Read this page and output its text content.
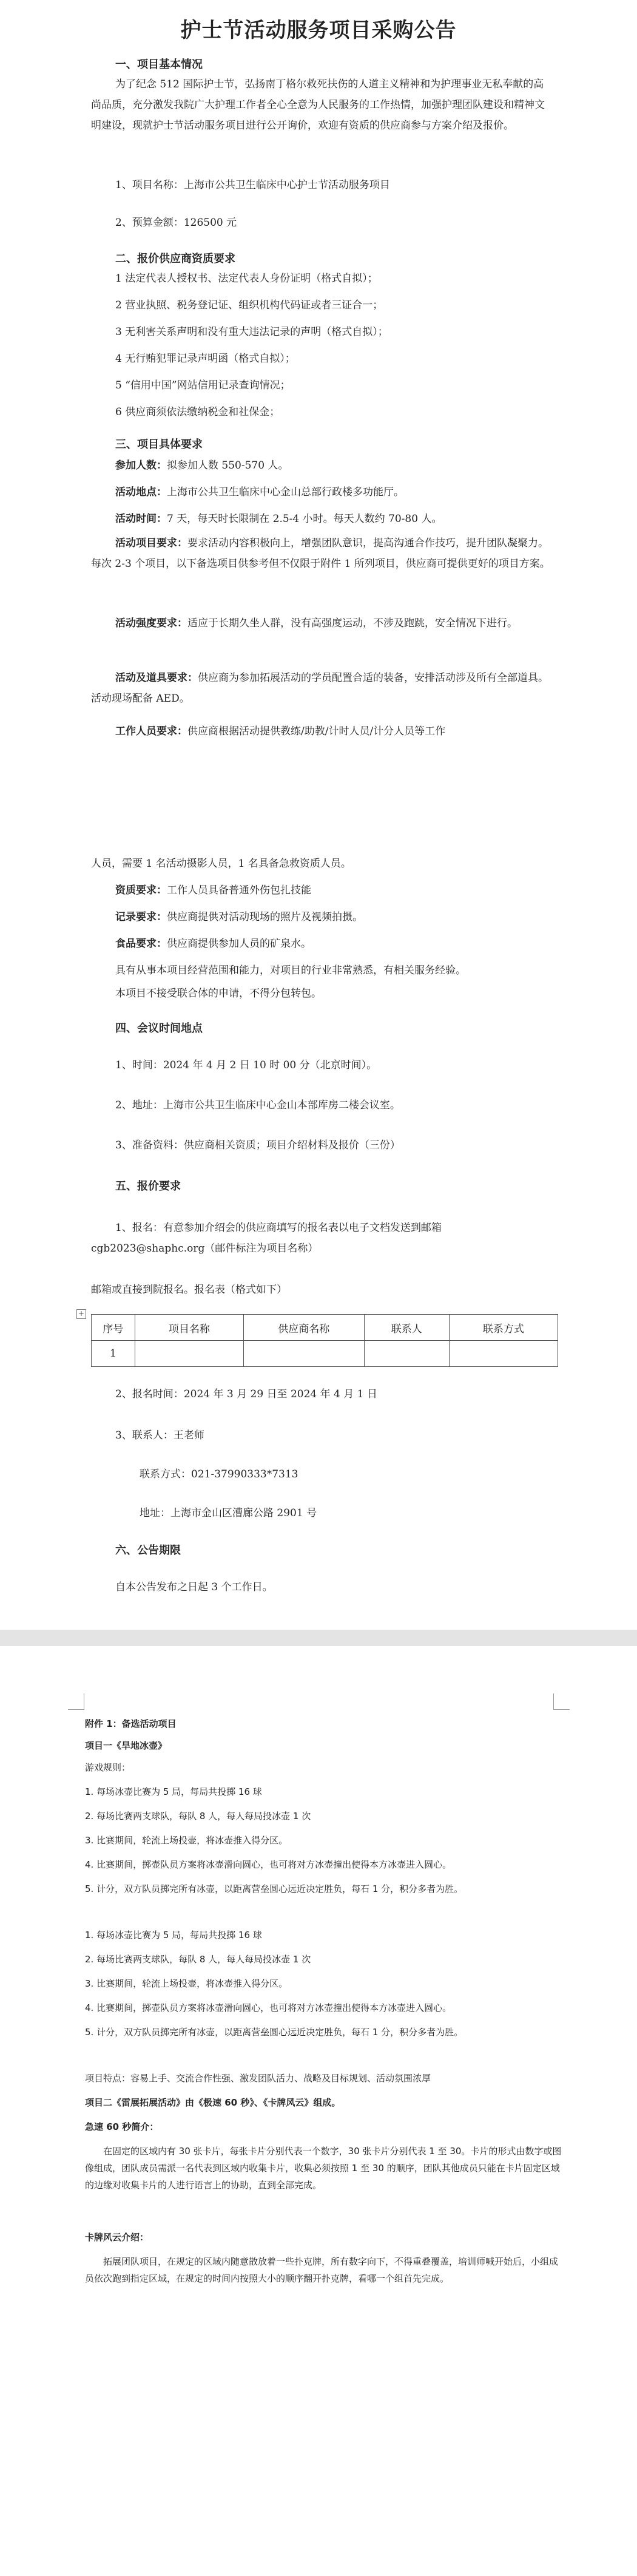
护士节活动服务项目采购公告
一、项目基本情况

为了纪念 512 国际护士节，弘扬南丁格尔救死扶伤的人道主义精神和为护理事业无私奉献的高尚品质，充分激发我院广大护理工作者全心全意为人民服务的工作热情，加强护理团队建设和精神文明建设，现就护士节活动服务项目进行公开询价，欢迎有资质的供应商参与方案介绍及报价。

1、项目名称：上海市公共卫生临床中心护士节活动服务项目
2、预算金额：126500 元
二、报价供应商资质要求
1 法定代表人授权书、法定代表人身份证明（格式自拟）；
2 营业执照、税务登记证、组织机构代码证或者三证合一；
3 无利害关系声明和没有重大违法记录的声明（格式自拟）；
4 无行贿犯罪记录声明函（格式自拟）；
5 “信用中国”网站信用记录查询情况；
6 供应商须依法缴纳税金和社保金；
三、项目具体要求
参加人数：拟参加人数 550-570 人。
活动地点：上海市公共卫生临床中心金山总部行政楼多功能厅。
活动时间：7 天，每天时长限制在 2.5-4 小时。每天人数约 70-80 人。

活动项目要求：要求活动内容积极向上，增强团队意识，提高沟通合作技巧，提升团队凝聚力。每次 2-3 个项目，以下备选项目供参考但不仅限于附件 1 所列项目，供应商可提供更好的项目方案。

活动强度要求：适应于长期久坐人群，没有高强度运动，不涉及跑跳，安全情况下进行。

活动及道具要求：供应商为参加拓展活动的学员配置合适的装备，安排活动涉及所有全部道具。活动现场配备 AED。

工作人员要求：供应商根据活动提供教练/助教/计时人员/计分人员等工作
人员，需要 1 名活动摄影人员，1 名具备急救资质人员。
资质要求：工作人员具备普通外伤包扎技能
记录要求：供应商提供对活动现场的照片及视频拍摄。
食品要求：供应商提供参加人员的矿泉水。
具有从事本项目经营范围和能力，对项目的行业非常熟悉，有相关服务经验。
本项目不接受联合体的申请，不得分包转包。
四、会议时间地点
1、时间：2024 年 4 月 2 日 10 时 00 分（北京时间）。
2、地址：上海市公共卫生临床中心金山本部库房二楼会议室。
3、准备资料：供应商相关资质；项目介绍材料及报价（三份）
五、报价要求
1、报名：有意参加介绍会的供应商填写的报名表以电子文档发送到邮箱
cgb2023@shaphc.org（邮件标注为项目名称）
邮箱或直接到院报名。报名表（格式如下）
+
序号	项目名称	供应商名称	联系人	联系方式
1				
2、报名时间：2024 年 3 月 29 日至 2024 年 4 月 1 日
3、联系人：王老师
联系方式：021-37990333*7313
地址：上海市金山区漕廊公路 2901 号
六、公告期限
自本公告发布之日起 3 个工作日。
附件 1：备选活动项目
项目一《旱地冰壶》
游戏规则：
1. 每场冰壶比赛为 5 局，每局共投掷 16 球
2. 每场比赛两支球队，每队 8 人，每人每局投冰壶 1 次
3. 比赛期间，轮流上场投壶，将冰壶推入得分区。
4. 比赛期间，掷壶队员方案将冰壶滑向圆心，也可将对方冰壶撞出使得本方冰壶进入圆心。
5. 计分，双方队员掷完所有冰壶，以距离营垒圆心远近决定胜负，每石 1 分，积分多者为胜。
1. 每场冰壶比赛为 5 局，每局共投掷 16 球
2. 每场比赛两支球队，每队 8 人，每人每局投冰壶 1 次
3. 比赛期间，轮流上场投壶，将冰壶推入得分区。
4. 比赛期间，掷壶队员方案将冰壶滑向圆心，也可将对方冰壶撞出使得本方冰壶进入圆心。
5. 计分，双方队员掷完所有冰壶，以距离营垒圆心远近决定胜负，每石 1 分，积分多者为胜。
项目特点：容易上手、交流合作性强、激发团队活力、战略及目标规划、活动氛围浓厚
项目二《雷展拓展活动》由《极速 60 秒》、《卡牌风云》组成。
急速 60 秒简介：

在固定的区域内有 30 张卡片，每张卡片分别代表一个数字，30 张卡片分别代表 1 至 30。卡片的形式由数字或图像组成，团队成员需派一名代表到区域内收集卡片，收集必须按照 1 至 30 的顺序，团队其他成员只能在卡片固定区域的边缘对收集卡片的人进行语言上的协助，直到全部完成。

卡牌风云介绍：

拓展团队项目，在规定的区域内随意散放着一些扑克牌，所有数字向下，不得重叠覆盖，培训师喊开始后，小组成员依次跑到指定区域，在规定的时间内按照大小的顺序翻开扑克牌，看哪一个组首先完成。
